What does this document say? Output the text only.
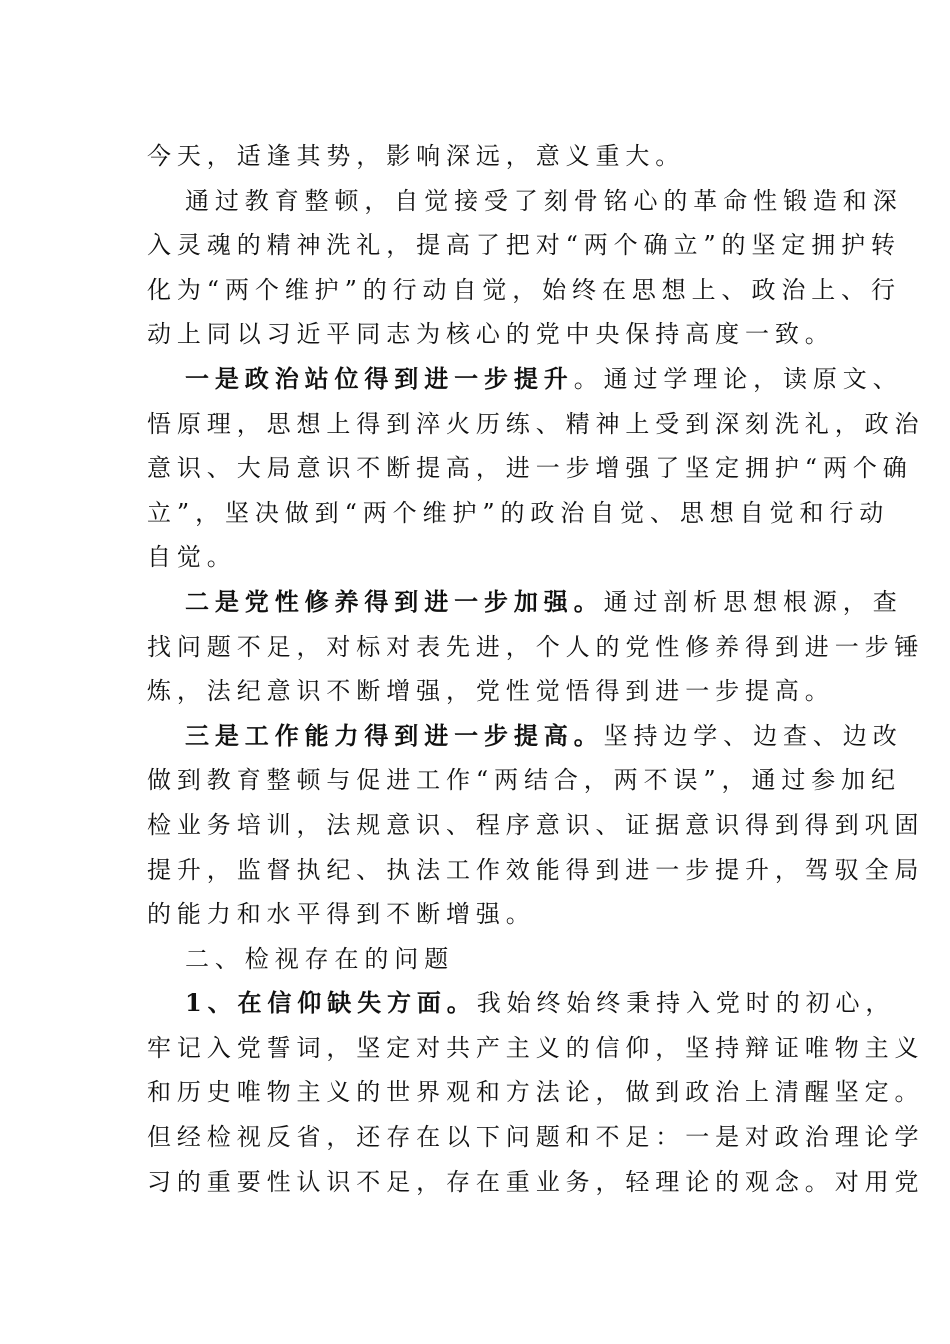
今天，适逢其势，影响深远，意义重大。
通过教育整顿，自觉接受了刻骨铭心的革命性锻造和深
入灵魂的精神洗礼，提高了把对“两个确立”的坚定拥护转
化为“两个维护”的行动自觉，始终在思想上、政治上、行
动上同以习近平同志为核心的党中央保持高度一致。
一是政治站位得到进一步提升。通过学理论，读原文、
悟原理，思想上得到淬火历练、精神上受到深刻洗礼，政治
意识、大局意识不断提高，进一步增强了坚定拥护“两个确
立”，坚决做到“两个维护”的政治自觉、思想自觉和行动
自觉。
二是党性修养得到进一步加强。通过剖析思想根源，查
找问题不足，对标对表先进，个人的党性修养得到进一步锤
炼，法纪意识不断增强，党性觉悟得到进一步提高。
三是工作能力得到进一步提高。坚持边学、边查、边改
做到教育整顿与促进工作“两结合，两不误”，通过参加纪
检业务培训，法规意识、程序意识、证据意识得到得到巩固
提升，监督执纪、执法工作效能得到进一步提升，驾驭全局
的能力和水平得到不断增强。
二、检视存在的问题
1、在信仰缺失方面。我始终始终秉持入党时的初心，
牢记入党誓词，坚定对共产主义的信仰，坚持辩证唯物主义
和历史唯物主义的世界观和方法论，做到政治上清醒坚定。
但经检视反省，还存在以下问题和不足：一是对政治理论学
习的重要性认识不足，存在重业务，轻理论的观念。对用党
